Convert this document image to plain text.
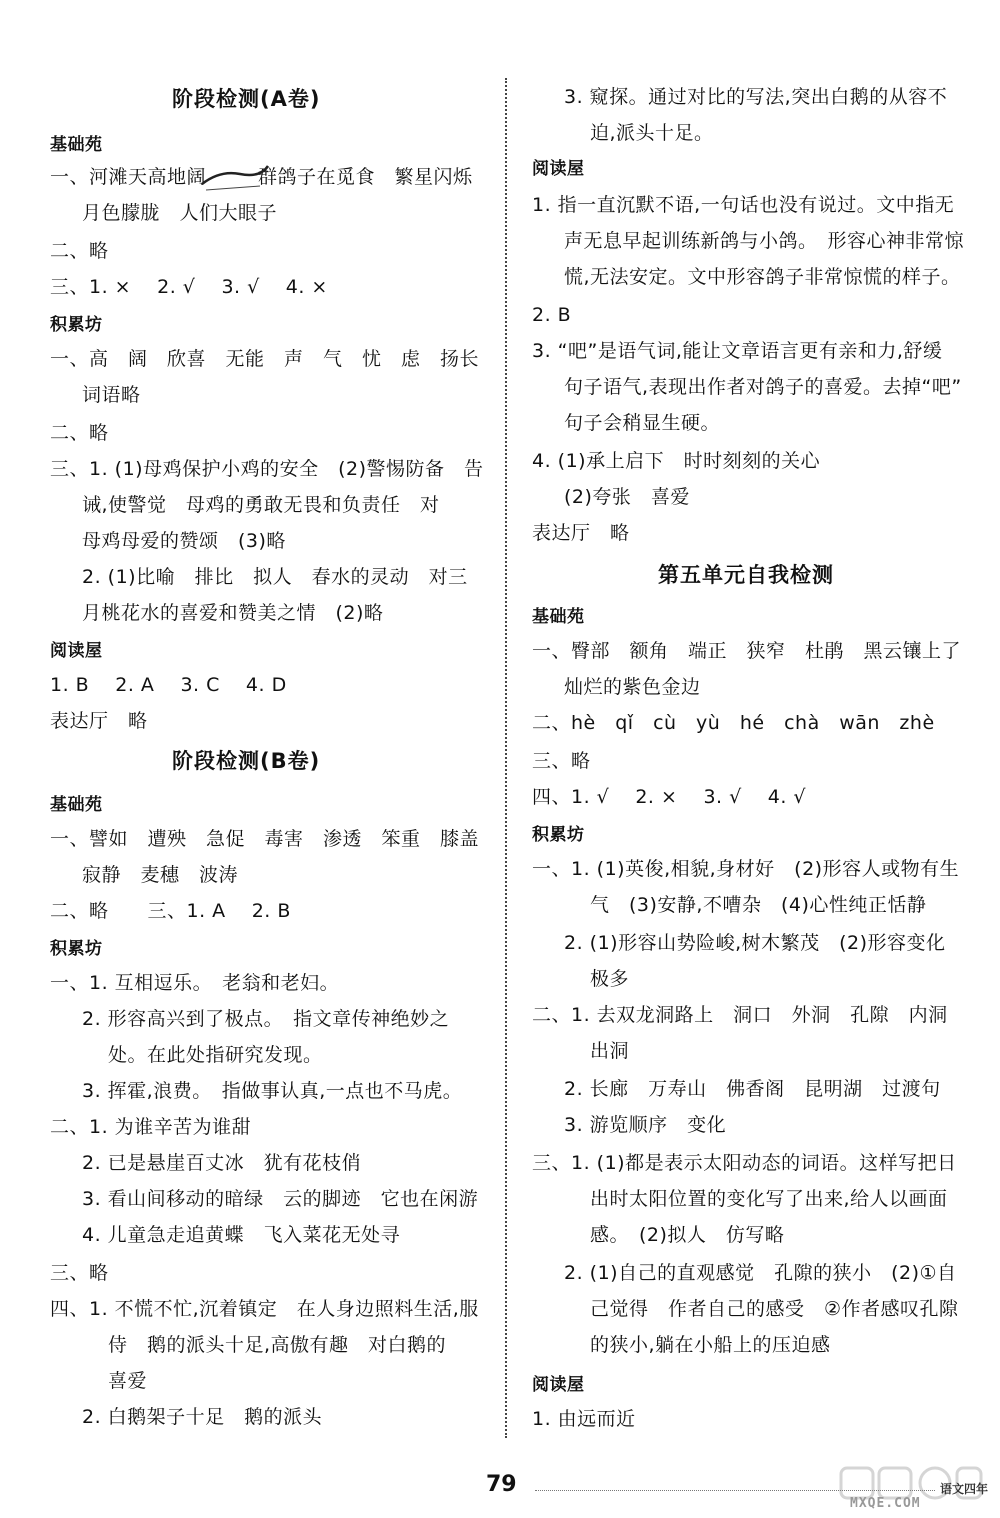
阶段检测(A卷)
基础苑
一、河滩天高地阔	群鸽子在觅食　繁星闪烁
月色朦胧　人们大眼子
二、略
三、1. ×　 2. √　 3. √　 4. ×
积累坊
一、高　阔　欣喜　无能　声　气　忧　虑　扬长
词语略
二、略
三、1. (1)母鸡保护小鸡的安全　(2)警惕防备　告
诫,使警觉　母鸡的勇敢无畏和负责任　对
母鸡母爱的赞颂　(3)略
2. (1)比喻　排比　拟人　春水的灵动　对三
月桃花水的喜爱和赞美之情　(2)略
阅读屋
1. B　 2. A　 3. C　 4. D
表达厅　略
阶段检测(B卷)
基础苑
一、譬如　遭殃　急促　毒害　渗透　笨重　膝盖
寂静　麦穗　波涛
二、略　　三、1. A　 2. B
积累坊
一、1. 互相逗乐。　老翁和老妇。
2. 形容高兴到了极点。　指文章传神绝妙之
处。在此处指研究发现。
3. 挥霍,浪费。　指做事认真,一点也不马虎。
二、1. 为谁辛苦为谁甜
2. 已是悬崖百丈冰　犹有花枝俏
3. 看山间移动的暗绿　云的脚迹　它也在闲游
4. 儿童急走追黄蝶　飞入菜花无处寻
三、略
四、1. 不慌不忙,沉着镇定　在人身边照料生活,服
侍　鹅的派头十足,高傲有趣　对白鹅的
喜爱
2. 白鹅架子十足　鹅的派头
3. 窥探。通过对比的写法,突出白鹅的从容不
迫,派头十足。
阅读屋
1. 指一直沉默不语,一句话也没有说过。文中指无
声无息早起训练新鸽与小鸽。　形容心神非常惊
慌,无法安定。文中形容鸽子非常惊慌的样子。
2. B
3. “吧”是语气词,能让文章语言更有亲和力,舒缓
句子语气,表现出作者对鸽子的喜爱。去掉“吧”
句子会稍显生硬。
4. (1)承上启下　时时刻刻的关心
(2)夸张　喜爱
表达厅　略
第五单元自我检测
基础苑
一、臀部　额角　端正　狭窄　杜鹃　黑云镶上了
灿烂的紫色金边
二、hè　qǐ　cù　yù　hé　chà　wān　zhè
三、略
四、1. √　 2. ×　 3. √　 4. √
积累坊
一、1. (1)英俊,相貌,身材好　(2)形容人或物有生
气　(3)安静,不嘈杂　(4)心性纯正恬静
2. (1)形容山势险峻,树木繁茂　(2)形容变化
极多
二、1. 去双龙洞路上　洞口　外洞　孔隙　内洞
出洞
2. 长廊　万寿山　佛香阁　昆明湖　过渡句
3. 游览顺序　变化
三、1. (1)都是表示太阳动态的词语。这样写把日
出时太阳位置的变化写了出来,给人以画面
感。　(2)拟人　仿写略
2. (1)自己的直观感觉　孔隙的狭小　(2)①自
己觉得　作者自己的感受　②作者感叹孔隙
的狭小,躺在小船上的压迫感
阅读屋
1. 由远而近
79
MXQE.COM
语文四年
